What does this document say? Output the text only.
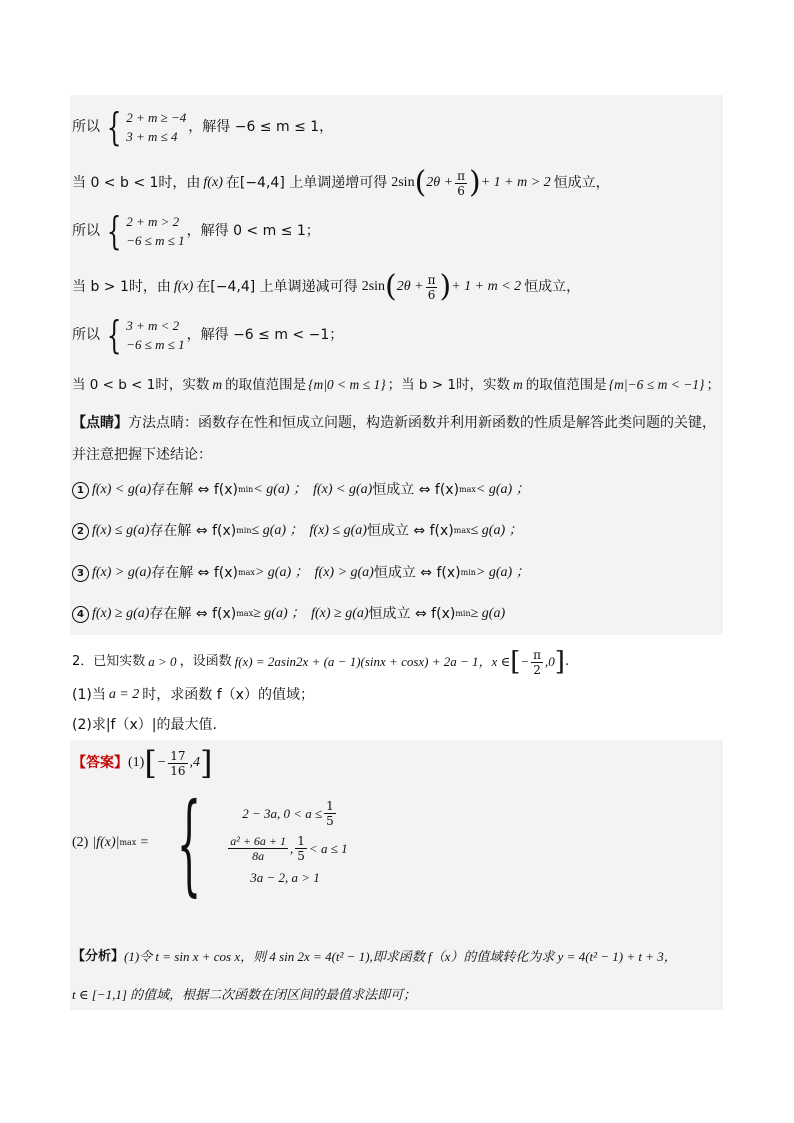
所以 { 2 + m ≥ −4
3 + m ≤ 4
，解得 −6 ≤ m ≤ 1，
当 0 < b < 1时，由 f(x) 在[−4,4] 上单调递增可得 2sin ( $2\theta + \frac{\pi}{6}$ ) + 1 + m > 2 恒成立，
所以 { 2 + m > 2
−6 ≤ m ≤ 1
，解得 0 < m ≤ 1；
当 b > 1时，由 f(x) 在[−4,4] 上单调递减可得 2sin ( $2\theta + \frac{\pi}{6}$ ) + 1 + m < 2 恒成立，
所以 { 3 + m < 2
−6 ≤ m ≤ 1
，解得 −6 ≤ m < −1；
当 0 < b < 1时，实数 m 的取值范围是 {m|0 < m ≤ 1} ；当 b > 1时，实数 m 的取值范围是 {m|−6 ≤ m < −1} ；
【点睛】 方法点睛：函数存在性和恒成立问题，构造新函数并利用新函数的性质是解答此类问题的关键，
并注意把握下述结论：
1 f(x) < g(a) 存在解 ⇔ f(x) min < g(a) ； f(x) < g(a) 恒成立 ⇔ f(x) max < g(a) ；
2 f(x) ≤ g(a) 存在解 ⇔ f(x) min ≤ g(a) ； f(x) ≤ g(a) 恒成立 ⇔ f(x) max ≤ g(a) ；
3 f(x) > g(a) 存在解 ⇔ f(x) max > g(a) ； f(x) > g(a) 恒成立 ⇔ f(x) min > g(a) ；
4 f(x) ≥ g(a) 存在解 ⇔ f(x) max ≥ g(a) ； f(x) ≥ g(a) 恒成立 ⇔ f(x) min ≥ g(a)
2．已知实数 a > 0 ，设函数 f(x) = 2asin2x + (a − 1)(sinx + cosx) + 2a − 1，x ∈ [ − $\frac{\pi}{2} ,0$ ] .
(1)当 a = 2 时，求函数 f（x）的值域；
(2)求|f（x）|的最大值.
【答案】 (1) [ − $\frac{17}{16} ,4$ ]
(2) |f(x)| max = {	2 − 3a, $0 < a \le \frac{1}{5}$
$\frac{\text{a² + 6a + 1}}{8a}$ , $\frac{1}{5} < a \le 1$
3a − 2, a > 1
【分析】 (1)令 t = sin x + cos x，则 4 sin 2x = 4(t² − 1),即求函数 f（x）的值域转化为求 y = 4(t² − 1) + t + 3，
t ∈ [−1,1] 的值域，根据二次函数在闭区间的最值求法即可；
